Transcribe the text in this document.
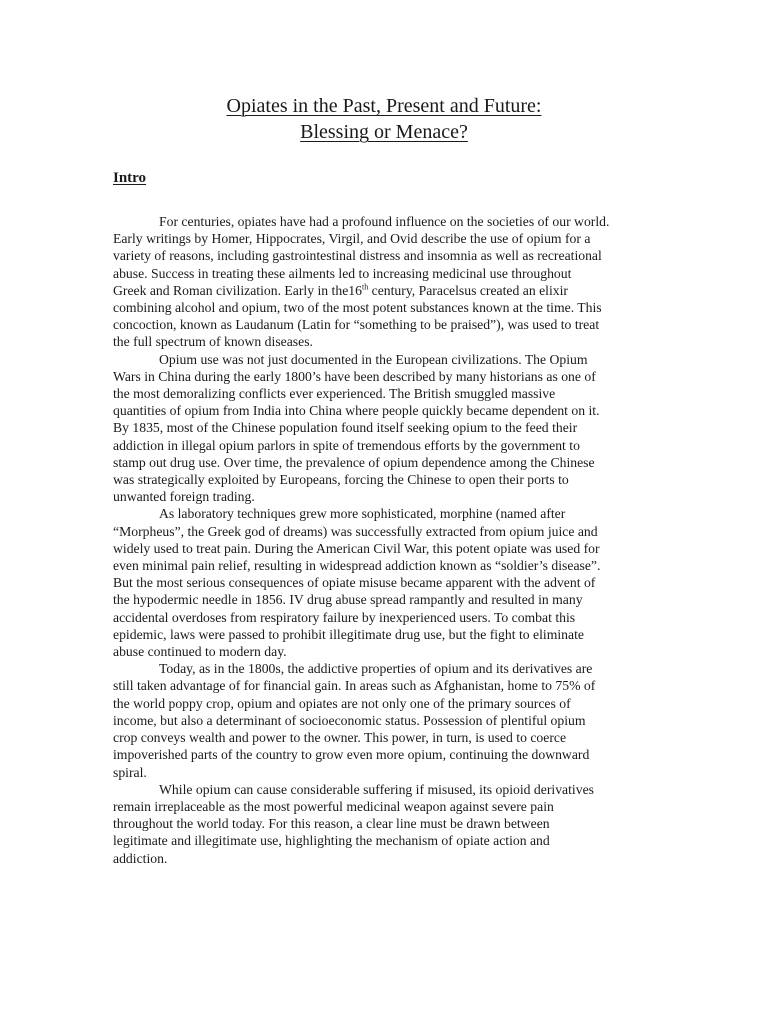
Opiates in the Past, Present and Future:
Blessing or Menace?
Intro

For centuries, opiates have had a profound influence on the societies of our world.
Early writings by Homer, Hippocrates, Virgil, and Ovid describe the use of opium for a
variety of reasons, including gastrointestinal distress and insomnia as well as recreational
abuse. Success in treating these ailments led to increasing medicinal use throughout
Greek and Roman civilization. Early in the16th century, Paracelsus created an elixir
combining alcohol and opium, two of the most potent substances known at the time. This
concoction, known as Laudanum (Latin for “something to be praised”), was used to treat
the full spectrum of known diseases.

Opium use was not just documented in the European civilizations. The Opium
Wars in China during the early 1800’s have been described by many historians as one of
the most demoralizing conflicts ever experienced. The British smuggled massive
quantities of opium from India into China where people quickly became dependent on it.
By 1835, most of the Chinese population found itself seeking opium to the feed their
addiction in illegal opium parlors in spite of tremendous efforts by the government to
stamp out drug use. Over time, the prevalence of opium dependence among the Chinese
was strategically exploited by Europeans, forcing the Chinese to open their ports to
unwanted foreign trading.

As laboratory techniques grew more sophisticated, morphine (named after
“Morpheus”, the Greek god of dreams) was successfully extracted from opium juice and
widely used to treat pain. During the American Civil War, this potent opiate was used for
even minimal pain relief, resulting in widespread addiction known as “soldier’s disease”.
But the most serious consequences of opiate misuse became apparent with the advent of
the hypodermic needle in 1856. IV drug abuse spread rampantly and resulted in many
accidental overdoses from respiratory failure by inexperienced users. To combat this
epidemic, laws were passed to prohibit illegitimate drug use, but the fight to eliminate
abuse continued to modern day.

Today, as in the 1800s, the addictive properties of opium and its derivatives are
still taken advantage of for financial gain. In areas such as Afghanistan, home to 75% of
the world poppy crop, opium and opiates are not only one of the primary sources of
income, but also a determinant of socioeconomic status. Possession of plentiful opium
crop conveys wealth and power to the owner. This power, in turn, is used to coerce
impoverished parts of the country to grow even more opium, continuing the downward
spiral.

While opium can cause considerable suffering if misused, its opioid derivatives
remain irreplaceable as the most powerful medicinal weapon against severe pain
throughout the world today. For this reason, a clear line must be drawn between
legitimate and illegitimate use, highlighting the mechanism of opiate action and
addiction.
